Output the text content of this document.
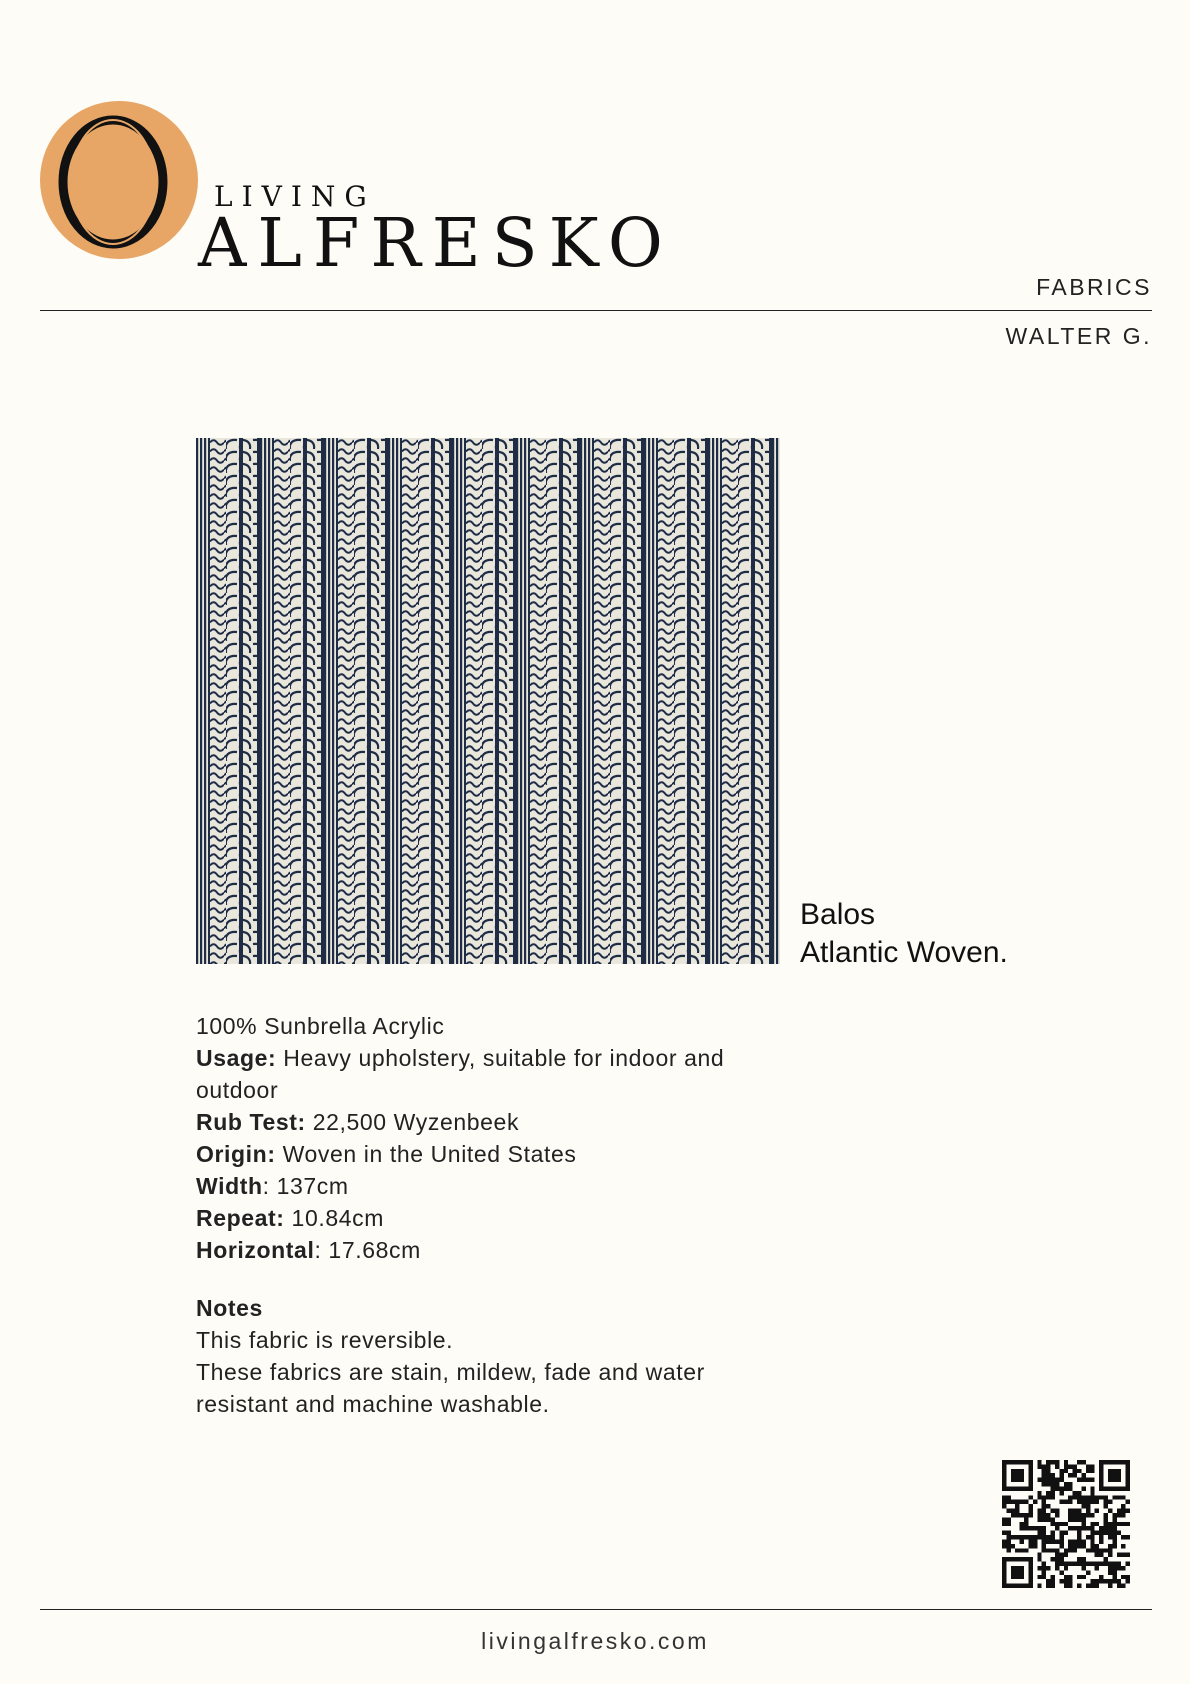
LIVING
ALFRESKO
FABRICS
WALTER G.
Balos
Atlantic Woven.
100% Sunbrella Acrylic
Usage: Heavy upholstery, suitable for indoor and outdoor
Rub Test: 22,500 Wyzenbeek
Origin: Woven in the United States
Width: 137cm
Repeat: 10.84cm
Horizontal: 17.68cm
Notes
This fabric is reversible.
These fabrics are stain, mildew, fade and water resistant and machine washable.
livingalfresko.com
